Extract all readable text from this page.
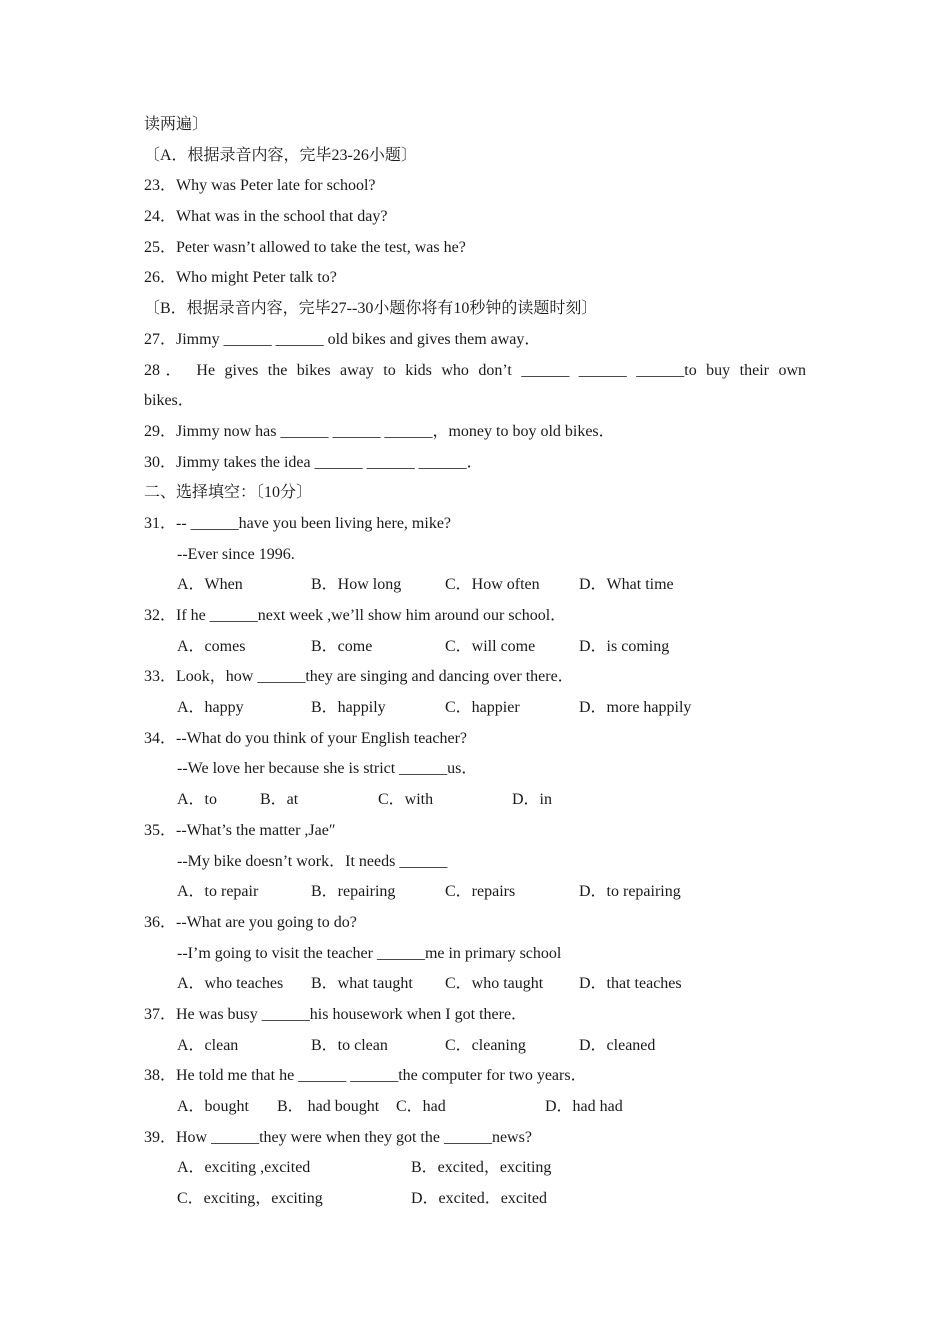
读两遍〕
〔A．根据录音内容，完毕23-26小题〕
23．Why was Peter late for school?
24．What was in the school that day?
25．Peter wasn’t allowed to take the test, was he?
26．Who might Peter talk to?
〔B．根据录音内容，完毕27--30小题你将有10秒钟的读题时刻〕
27．Jimmy ______ ______ old bikes and gives them away．
28． He gives the bikes away to kids who don’t ______ ______ ______to buy their own
bikes．
29．Jimmy now has ______ ______ ______，money to boy old bikes．
30．Jimmy takes the idea ______ ______ ______．
二、选择填空：〔10分〕
31．-- ______have you been living here, mike?
--Ever since 1996.

A．When

	B．How long

	C．How often

D．What time

32．If he ______next week ,we’ll show him around our school．

A．comes

	B．come

	C．will come

	D．is coming

33．Look，how ______they are singing and dancing over there．

A．happy

	B．happily

	C．happier

	D．more happily

34．--What do you think of your English teacher?
--We love her because she is strict ______us．

A．to

	B．at

	C．with

	D．in

35．--What’s the matter ,Jae″
--My bike doesn’t work．It needs ______

A．to repair

	B．repairing

	C．repairs

	D．to repairing

36．--What are you going to do?
--I’m going to visit the teacher ______me in primary school

A．who teaches

B．what taught

C．who taught

D．that teaches

37．He was busy ______his housework when I got there．

A．clean

	B．to clean

	C．cleaning

	D．cleaned

38．He told me that he ______ ______the computer for two years．

A．bought

B． had bought

C．had

	D．had had

39．How ______they were when they got the ______news?

A．exciting ,excited

	B．excited，exciting

C．exciting，exciting

	D．excited．excited
